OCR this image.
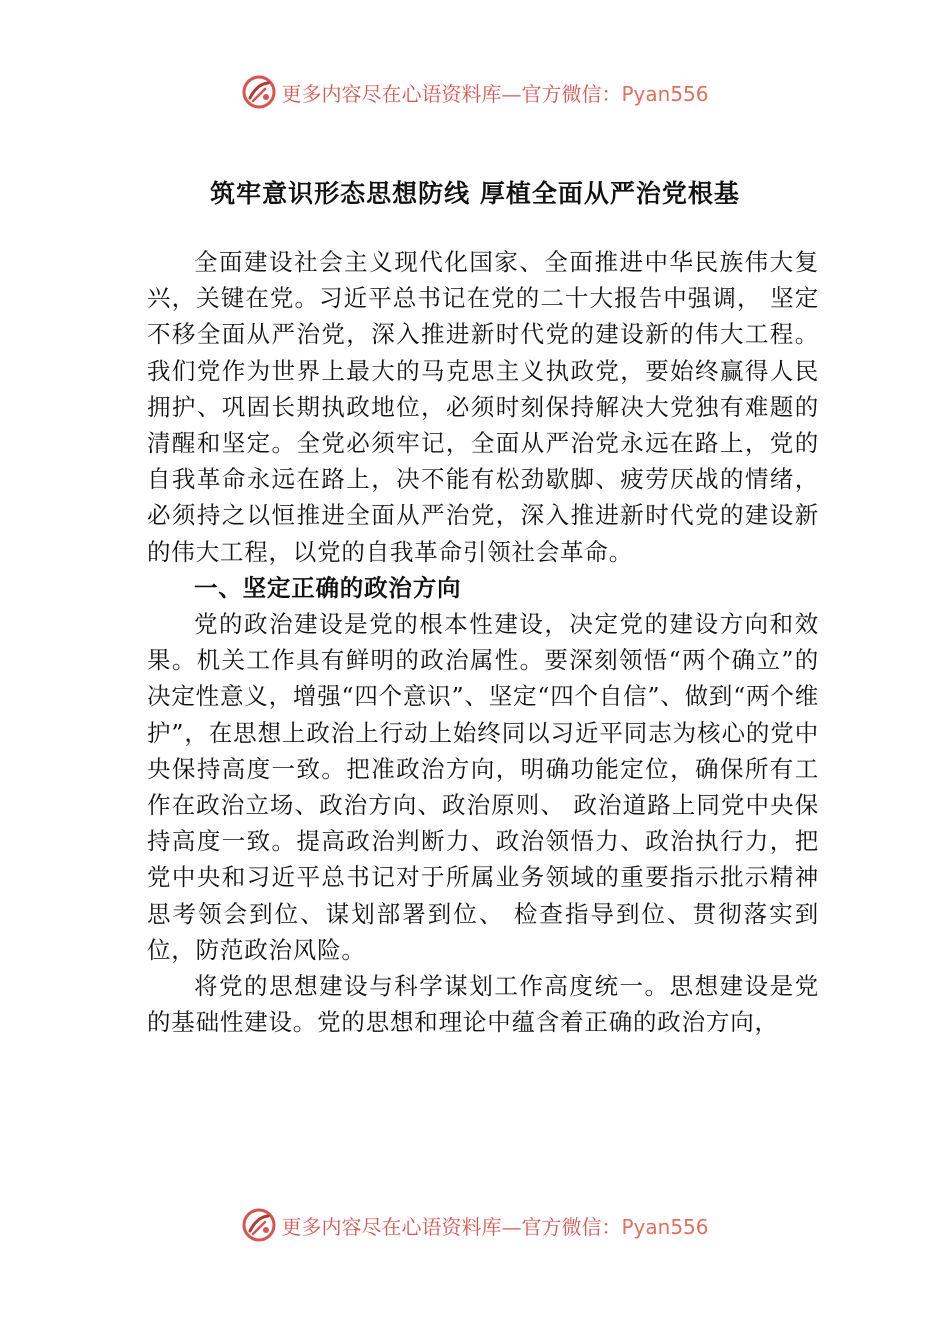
更多内容尽在心语资料库—官方微信：Pyan556
筑牢意识形态思想防线 厚植全面从严治党根基

全面建设社会主义现代化国家、全面推进中华民族伟大复兴，关键在党。习近平总书记在党的二十大报告中强调， 坚定不移全面从严治党，深入推进新时代党的建设新的伟大工程。我们党作为世界上最大的马克思主义执政党，要始终赢得人民拥护、巩固长期执政地位，必须时刻保持解决大党独有难题的清醒和坚定。全党必须牢记，全面从严治党永远在路上，党的自我革命永远在路上，决不能有松劲歇脚、疲劳厌战的情绪，必须持之以恒推进全面从严治党，深入推进新时代党的建设新的伟大工程，以党的自我革命引领社会革命。

一、坚定正确的政治方向

党的政治建设是党的根本性建设，决定党的建设方向和效果。机关工作具有鲜明的政治属性。要深刻领悟“两个确立”的决定性意义，增强“四个意识”、坚定“四个自信”、做到“两个维护”，在思想上政治上行动上始终同以习近平同志为核心的党中央保持高度一致。把准政治方向，明确功能定位，确保所有工作在政治立场、政治方向、政治原则、 政治道路上同党中央保持高度一致。提高政治判断力、政治领悟力、政治执行力，把党中央和习近平总书记对于所属业务领域的重要指示批示精神思考领会到位、谋划部署到位、 检查指导到位、贯彻落实到位，防范政治风险。

将党的思想建设与科学谋划工作高度统一。思想建设是党的基础性建设。党的思想和理论中蕴含着正确的政治方向，

更多内容尽在心语资料库—官方微信：Pyan556
